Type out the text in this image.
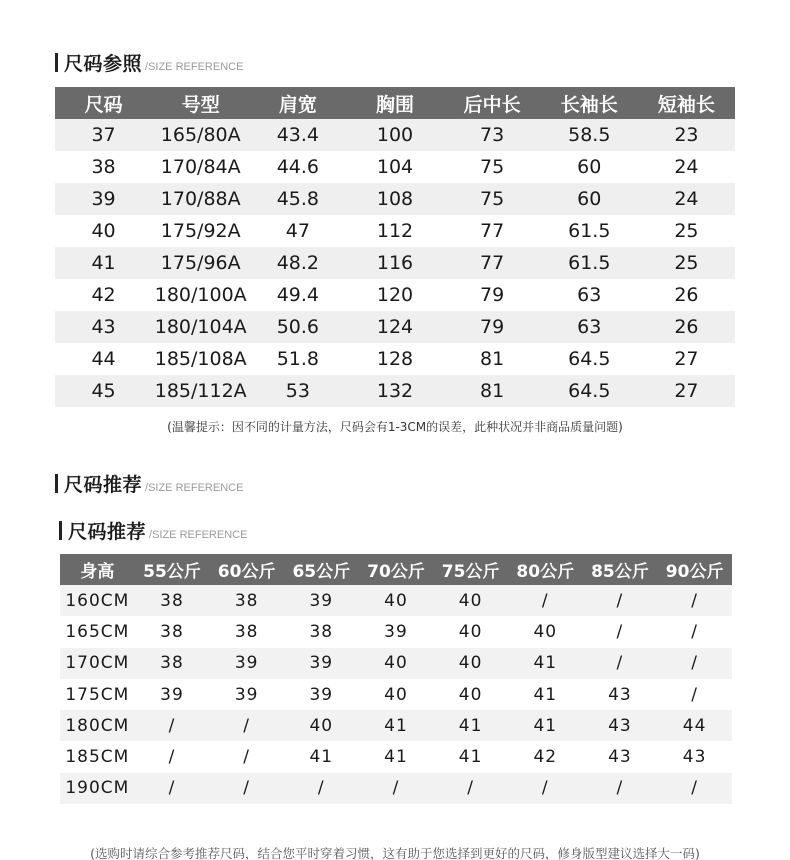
尺码参照 /SIZE REFERENCE
尺码	号型	肩宽	胸围	后中长	长袖长	短袖长
37	165/80A	43.4	100	73	58.5	23
38	170/84A	44.6	104	75	60	24
39	170/88A	45.8	108	75	60	24
40	175/92A	47	112	77	61.5	25
41	175/96A	48.2	116	77	61.5	25
42	180/100A	49.4	120	79	63	26
43	180/104A	50.6	124	79	63	26
44	185/108A	51.8	128	81	64.5	27
45	185/112A	53	132	81	64.5	27
(温馨提示：因不同的计量方法，尺码会有1-3CM的误差，此种状况并非商品质量问题)
尺码推荐 /SIZE REFERENCE
尺码推荐 /SIZE REFERENCE
身高	55公斤	60公斤	65公斤	70公斤	75公斤	80公斤	85公斤	90公斤
160CM	38	38	39	40	40	/	/	/
165CM	38	38	38	39	40	40	/	/
170CM	38	39	39	40	40	41	/	/
175CM	39	39	39	40	40	41	43	/
180CM	/	/	40	41	41	41	43	44
185CM	/	/	41	41	41	42	43	43
190CM	/	/	/	/	/	/	/	/
(选购时请综合参考推荐尺码，结合您平时穿着习惯，这有助于您选择到更好的尺码，修身版型建议选择大一码)
